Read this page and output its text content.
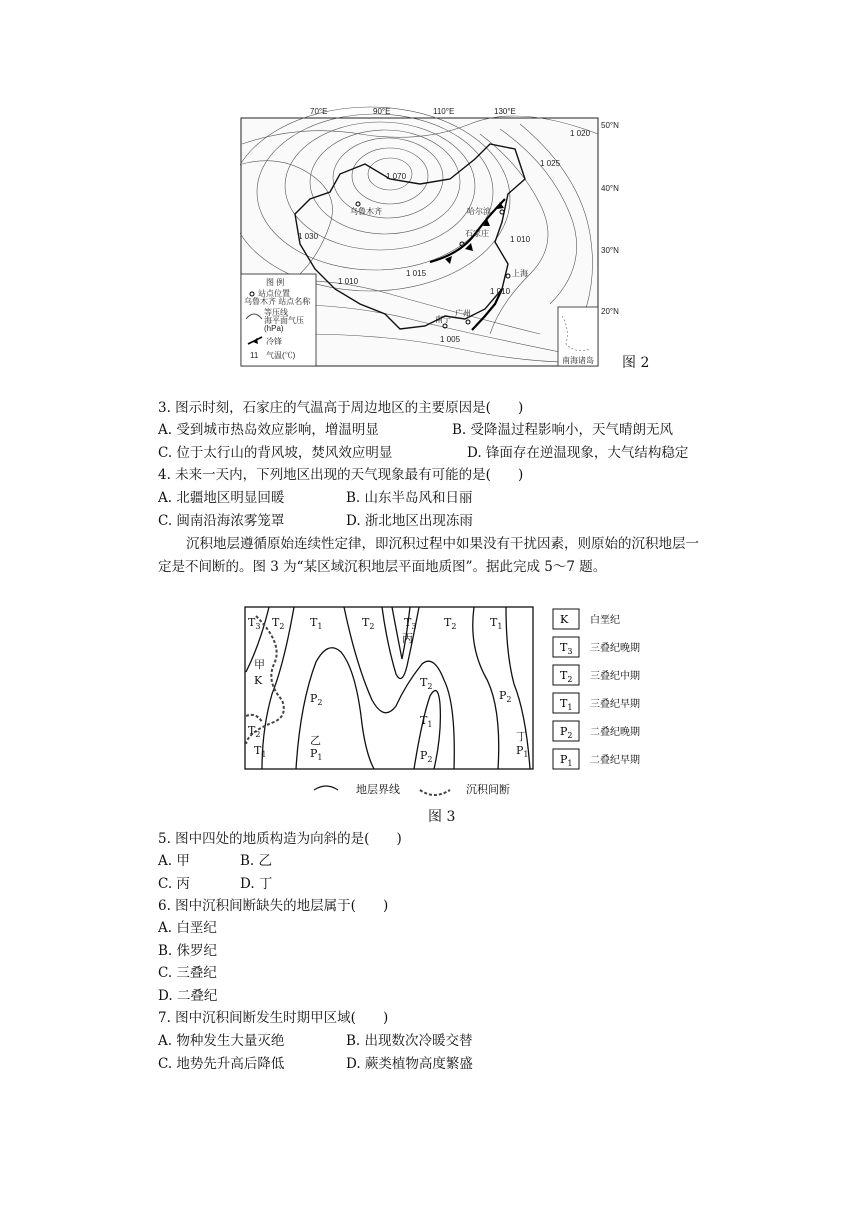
70°E	90°E	110°E	130°E
50°N
40°N
30°N
20°N
1 070
1 020
1 025
1 030
1 015
1 010
1 010
1 010
1 005
乌鲁木齐	哈尔滨
石家庄
上海
广州
南宁
图 例
站点位置
乌鲁木齐 站点名称
等压线
海平面气压
(hPa)
冷锋
11 气温(℃)
南海诸岛 图 2
3. 图示时刻，石家庄的气温高于周边地区的主要原因是(　　)
A. 受到城市热岛效应影响，增温明显	B. 受降温过程影响小，天气晴朗无风
C. 位于太行山的背风坡，焚风效应明显	D. 锋面存在逆温现象，大气结构稳定
4. 未来一天内，下列地区出现的天气现象最有可能的是(　　)
A. 北疆地区明显回暖	B. 山东半岛风和日丽
C. 闽南沿海浓雾笼罩	D. 浙北地区出现冻雨
沉积地层遵循原始连续性定律，即沉积过程中如果没有干扰因素，则原始的沉积地层一
定是不间断的。图 3 为“某区域沉积地层平面地质图”。据此完成 5～7 题。
$T_3$ $T_2$ $T_1$	$T_2$	$T_3$	$T_2$	$T_1$
$T_2$
$P_2$
$P_2$
$T_1$
$T_2$
$T_1$	$P_1$	$P_2$
$P_1$
K
甲
乙
丙
丁
K 白垩纪
$T_3$ 三叠纪晚期
$T_2$ 三叠纪中期
$T_1$ 三叠纪早期
$P_2$ 二叠纪晚期
$P_1$ 二叠纪早期
地层界线	沉积间断
图 3
5. 图中四处的地质构造为向斜的是(　　)
A. 甲	B. 乙
C. 丙	D. 丁
6. 图中沉积间断缺失的地层属于(　　)
A. 白垩纪
B. 侏罗纪
C. 三叠纪
D. 二叠纪
7. 图中沉积间断发生时期甲区域(　　)
A. 物种发生大量灭绝	B. 出现数次冷暖交替
C. 地势先升高后降低	D. 蕨类植物高度繁盛
